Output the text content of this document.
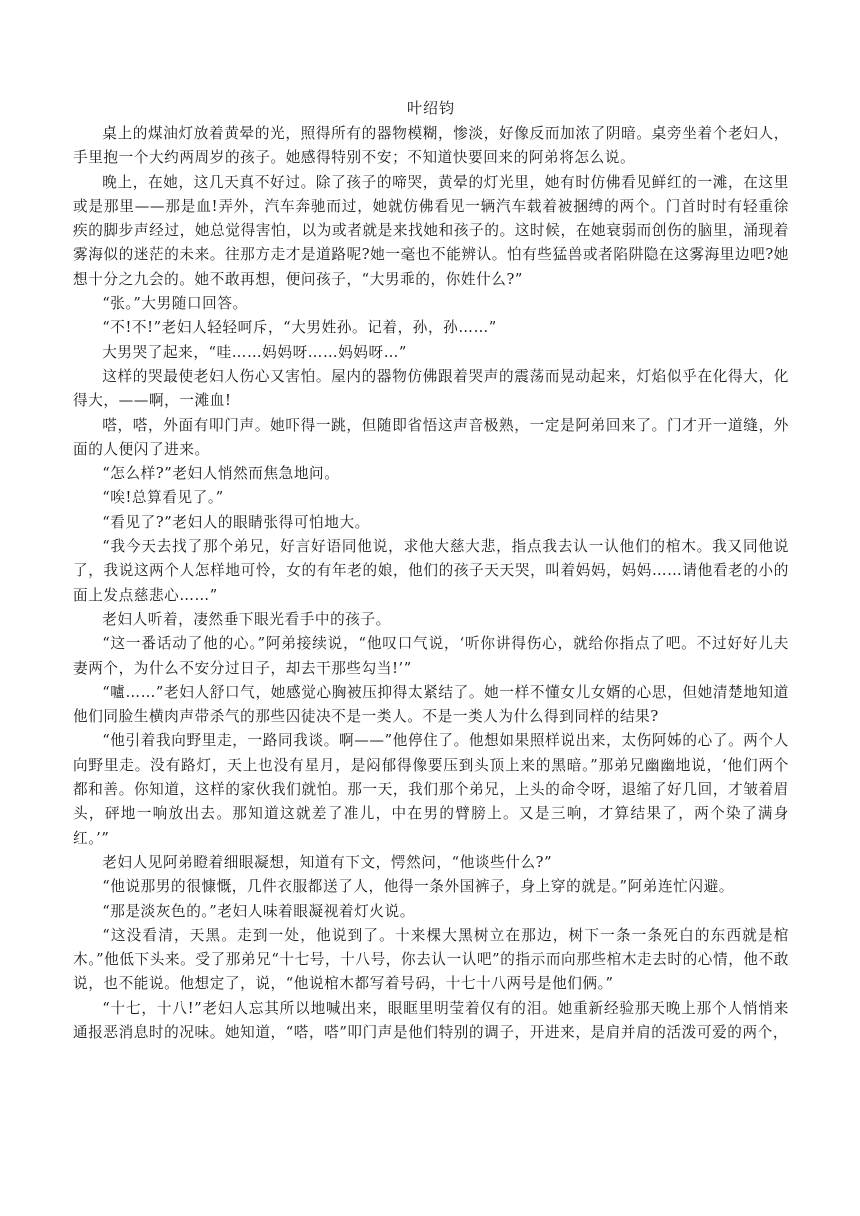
叶绍钧

桌上的煤油灯放着黄晕的光，照得所有的器物模糊，惨淡，好像反而加浓了阴暗。桌旁坐着个老妇人，手里抱一个大约两周岁的孩子。她感得特别不安；不知道快要回来的阿弟将怎么说。

晚上，在她，这几天真不好过。除了孩子的啼哭，黄晕的灯光里，她有时仿佛看见鲜红的一滩，在这里或是那里——那是血!弄外，汽车奔驰而过，她就仿佛看见一辆汽车载着被捆缚的两个。门首时时有轻重徐疾的脚步声经过，她总觉得害怕，以为或者就是来找她和孩子的。这时候，在她衰弱而创伤的脑里，涌现着雾海似的迷茫的未来。往那方走才是道路呢?她一毫也不能辨认。怕有些猛兽或者陷阱隐在这雾海里边吧?她想十分之九会的。她不敢再想，便问孩子，“大男乖的，你姓什么?”

“张。”大男随口回答。

“不!不!”老妇人轻轻呵斥，“大男姓孙。记着，孙，孙……”

大男哭了起来，“哇……妈妈呀……妈妈呀…”

这样的哭最使老妇人伤心又害怕。屋内的器物仿佛跟着哭声的震荡而晃动起来，灯焰似乎在化得大，化得大，——啊，一滩血!

嗒，嗒，外面有叩门声。她吓得一跳，但随即省悟这声音极熟，一定是阿弟回来了。门才开一道缝，外面的人便闪了进来。

“怎么样?”老妇人悄然而焦急地问。

“唉!总算看见了。”

“看见了?”老妇人的眼睛张得可怕地大。

“我今天去找了那个弟兄，好言好语同他说，求他大慈大悲，指点我去认一认他们的棺木。我又同他说了，我说这两个人怎样地可怜，女的有年老的娘，他们的孩子天天哭，叫着妈妈，妈妈……请他看老的小的面上发点慈悲心……”

老妇人听着，凄然垂下眼光看手中的孩子。

“这一番话动了他的心。”阿弟接续说，“他叹口气说，‘听你讲得伤心，就给你指点了吧。不过好好儿夫妻两个，为什么不安分过日子，却去干那些勾当!’”

“嚧……”老妇人舒口气，她感觉心胸被压抑得太紧结了。她一样不懂女儿女婿的心思，但她清楚地知道他们同脸生横肉声带杀气的那些囚徒决不是一类人。不是一类人为什么得到同样的结果?

“他引着我向野里走，一路同我谈。啊——”他停住了。他想如果照样说出来，太伤阿姊的心了。两个人向野里走。没有路灯，天上也没有星月，是闷郁得像要压到头顶上来的黑暗。”那弟兄幽幽地说，‘他们两个都和善。你知道，这样的家伙我们就怕。那一天，我们那个弟兄，上头的命令呀，退缩了好几回，才皱着眉头，砰地一响放出去。那知道这就差了准儿，中在男的臂膀上。又是三响，才算结果了，两个染了满身红。’”

老妇人见阿弟瞪着细眼凝想，知道有下文，愕然问，“他谈些什么?”

“他说那男的很慷慨，几件衣服都送了人，他得一条外国裤子，身上穿的就是。”阿弟连忙闪避。

“那是淡灰色的。”老妇人味着眼凝视着灯火说。

“这没看清，天黑。走到一处，他说到了。十来棵大黑树立在那边，树下一条一条死白的东西就是棺木。”他低下头来。受了那弟兄“十七号，十八号，你去认一认吧”的指示而向那些棺木走去时的心情，他不敢说，也不能说。他想定了，说，“他说棺木都写着号码，十七十八两号是他们俩。”

“十七，十八!”老妇人忘其所以地喊出来，眼眶里明莹着仅有的泪。她重新经验那天晚上那个人悄悄来通报恶消息时的况味。她知道，“嗒，嗒”叩门声是他们特别的调子，开进来，是肩并肩的活泼可爱的两个，
